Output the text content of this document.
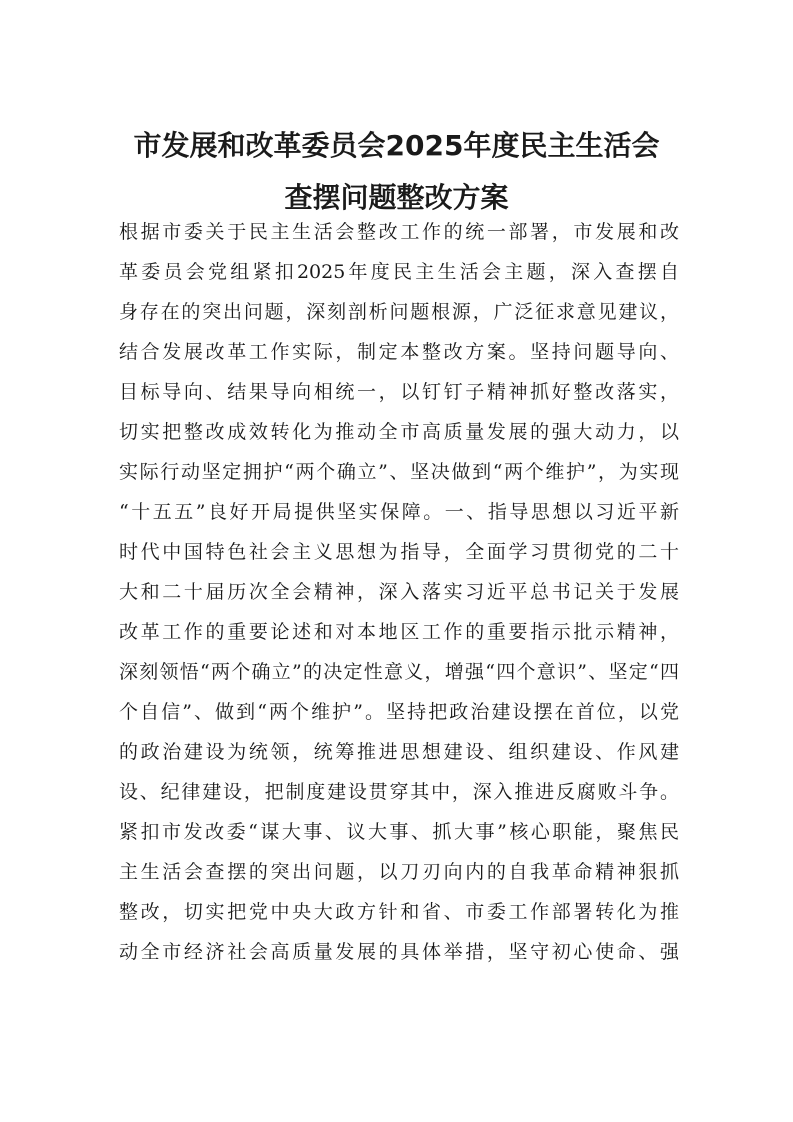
市发展和改革委员会2025年度民主生活会
查摆问题整改方案
根据市委关于民主生活会整改工作的统一部署，市发展和改
革委员会党组紧扣2025年度民主生活会主题，深入查摆自
身存在的突出问题，深刻剖析问题根源，广泛征求意见建议，
结合发展改革工作实际，制定本整改方案。坚持问题导向、
目标导向、结果导向相统一，以钉钉子精神抓好整改落实，
切实把整改成效转化为推动全市高质量发展的强大动力，以
实际行动坚定拥护“两个确立”、坚决做到“两个维护”，为实现
“十五五”良好开局提供坚实保障。一、指导思想以习近平新
时代中国特色社会主义思想为指导，全面学习贯彻党的二十
大和二十届历次全会精神，深入落实习近平总书记关于发展
改革工作的重要论述和对本地区工作的重要指示批示精神，
深刻领悟“两个确立”的决定性意义，增强“四个意识”、坚定“四
个自信”、做到“两个维护”。坚持把政治建设摆在首位，以党
的政治建设为统领，统筹推进思想建设、组织建设、作风建
设、纪律建设，把制度建设贯穿其中，深入推进反腐败斗争。
紧扣市发改委“谋大事、议大事、抓大事”核心职能，聚焦民
主生活会查摆的突出问题，以刀刃向内的自我革命精神狠抓
整改，切实把党中央大政方针和省、市委工作部署转化为推
动全市经济社会高质量发展的具体举措，坚守初心使命、强
